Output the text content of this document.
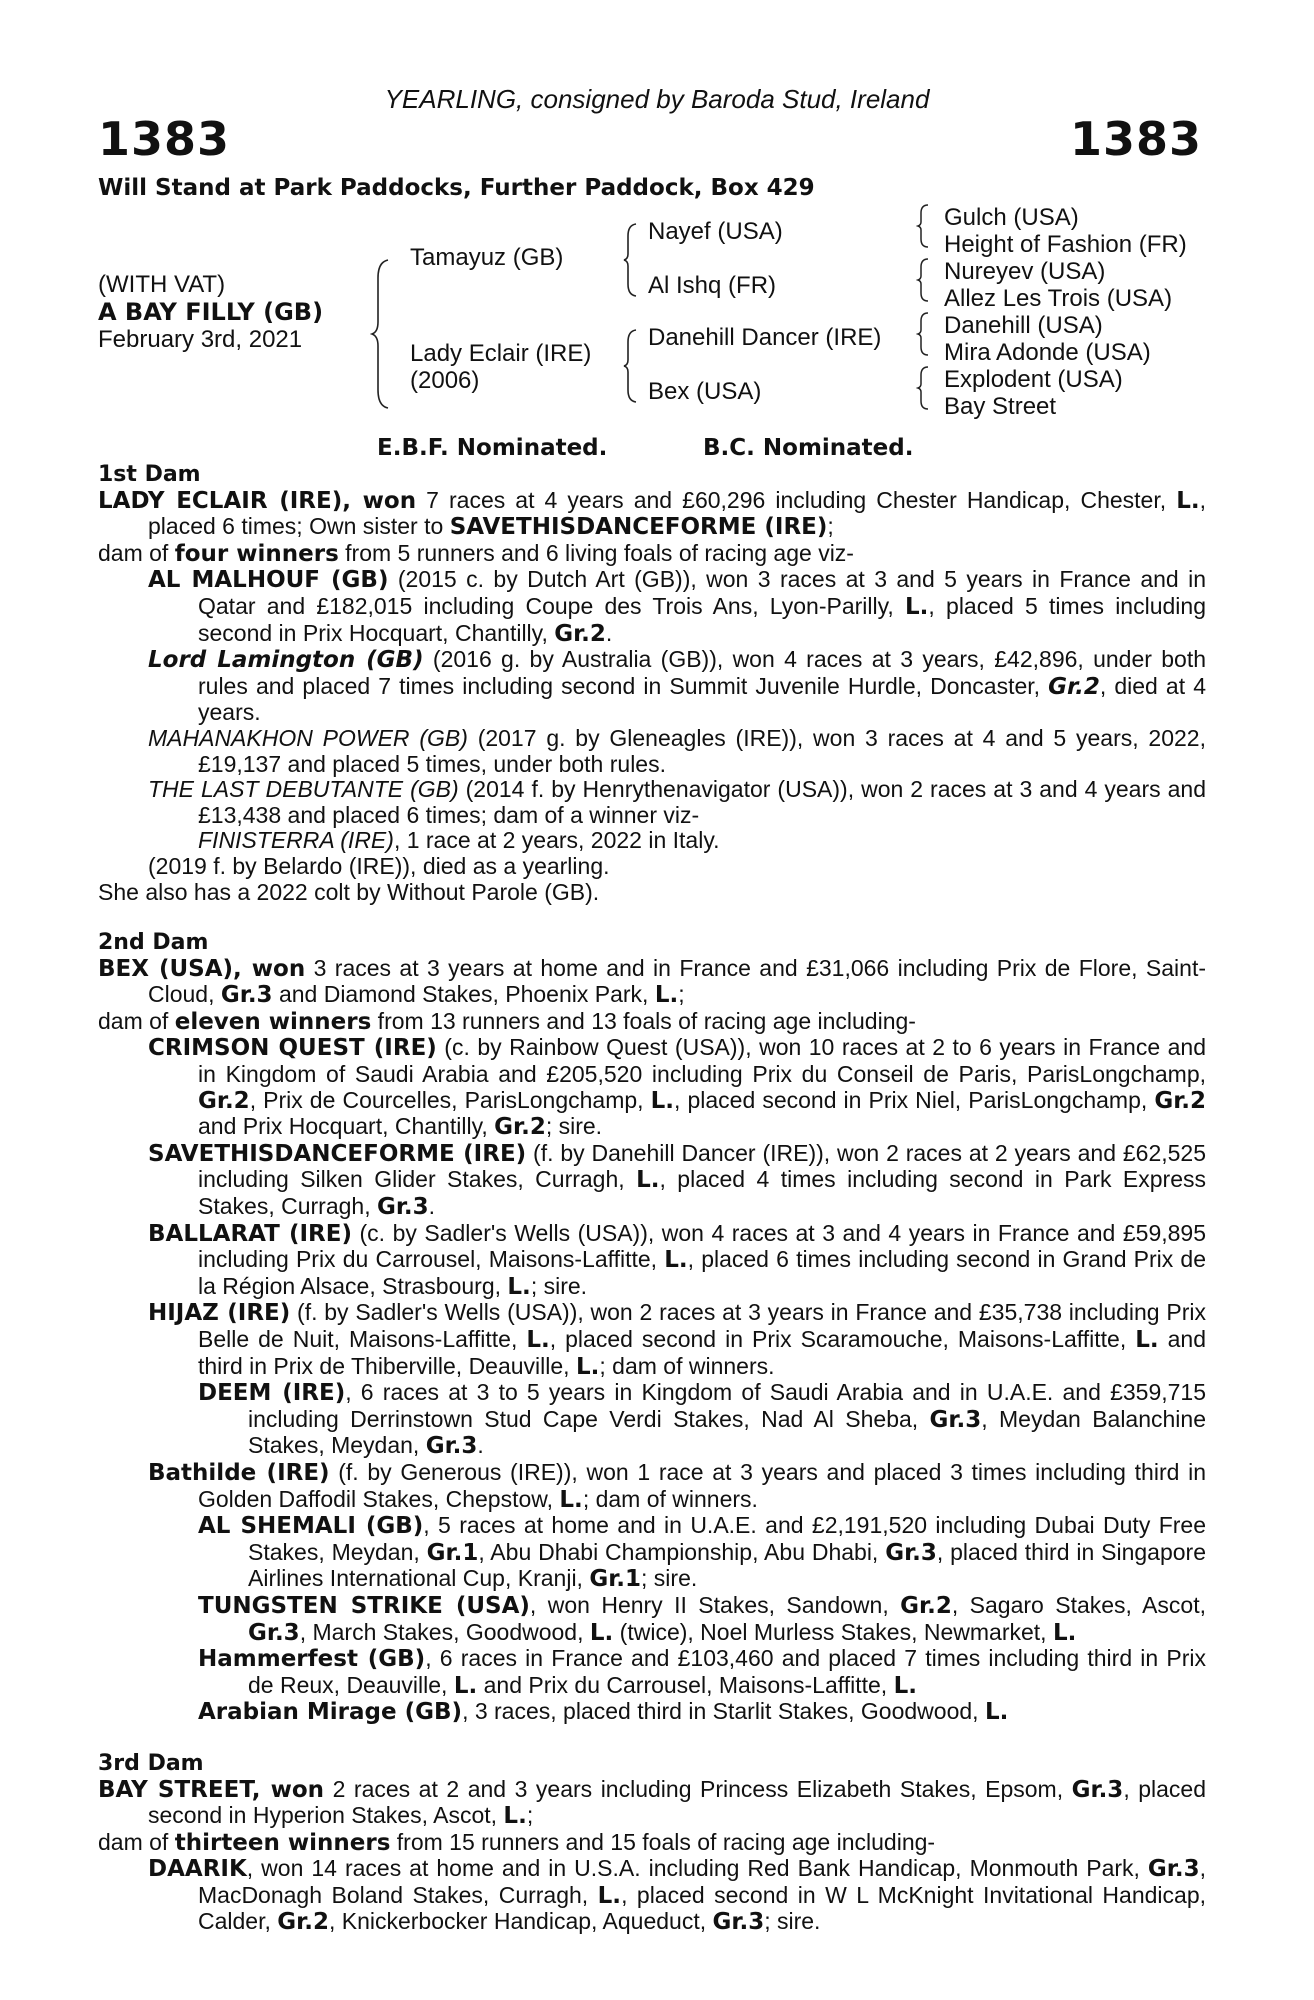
YEARLING, consigned by Baroda Stud, Ireland
1383	1383
Will Stand at Park Paddocks, Further Paddock, Box 429
(WITH VAT)
A BAY FILLY (GB)
February 3rd, 2021
Tamayuz (GB)
Lady Eclair (IRE)
(2006)
Nayef (USA)
Al Ishq (FR)
Danehill Dancer (IRE)
Bex (USA)
Gulch (USA)
Height of Fashion (FR)
Nureyev (USA)
Allez Les Trois (USA)
Danehill (USA)
Mira Adonde (USA)
Explodent (USA)
Bay Street
E.B.F. Nominated.	B.C. Nominated.

1st Dam

LADY ECLAIR (IRE), won 7 races at 4 years and £60,296 including Chester Handicap, Chester, L., placed 6 times; Own sister to SAVETHISDANCEFORME (IRE);

dam of four winners from 5 runners and 6 living foals of racing age viz-

AL MALHOUF (GB) (2015 c. by Dutch Art (GB)), won 3 races at 3 and 5 years in France and in Qatar and £182,015 including Coupe des Trois Ans, Lyon-Parilly, L., placed 5 times including second in Prix Hocquart, Chantilly, Gr.2.

Lord Lamington (GB) (2016 g. by Australia (GB)), won 4 races at 3 years, £42,896, under both rules and placed 7 times including second in Summit Juvenile Hurdle, Doncaster, Gr.2, died at 4 years.

MAHANAKHON POWER (GB) (2017 g. by Gleneagles (IRE)), won 3 races at 4 and 5 years, 2022, £19,137 and placed 5 times, under both rules.

THE LAST DEBUTANTE (GB) (2014 f. by Henrythenavigator (USA)), won 2 races at 3 and 4 years and £13,438 and placed 6 times; dam of a winner viz-

FINISTERRA (IRE), 1 race at 2 years, 2022 in Italy.

(2019 f. by Belardo (IRE)), died as a yearling.

She also has a 2022 colt by Without Parole (GB).

2nd Dam

BEX (USA), won 3 races at 3 years at home and in France and £31,066 including Prix de Flore, Saint-Cloud, Gr.3 and Diamond Stakes, Phoenix Park, L.;

dam of eleven winners from 13 runners and 13 foals of racing age including-

CRIMSON QUEST (IRE) (c. by Rainbow Quest (USA)), won 10 races at 2 to 6 years in France and in Kingdom of Saudi Arabia and £205,520 including Prix du Conseil de Paris, ParisLongchamp, Gr.2, Prix de Courcelles, ParisLongchamp, L., placed second in Prix Niel, ParisLongchamp, Gr.2 and Prix Hocquart, Chantilly, Gr.2; sire.

SAVETHISDANCEFORME (IRE) (f. by Danehill Dancer (IRE)), won 2 races at 2 years and £62,525 including Silken Glider Stakes, Curragh, L., placed 4 times including second in Park Express Stakes, Curragh, Gr.3.

BALLARAT (IRE) (c. by Sadler's Wells (USA)), won 4 races at 3 and 4 years in France and £59,895 including Prix du Carrousel, Maisons-Laffitte, L., placed 6 times including second in Grand Prix de la Région Alsace, Strasbourg, L.; sire.

HIJAZ (IRE) (f. by Sadler's Wells (USA)), won 2 races at 3 years in France and £35,738 including Prix Belle de Nuit, Maisons-Laffitte, L., placed second in Prix Scaramouche, Maisons-Laffitte, L. and third in Prix de Thiberville, Deauville, L.; dam of winners.

DEEM (IRE), 6 races at 3 to 5 years in Kingdom of Saudi Arabia and in U.A.E. and £359,715 including Derrinstown Stud Cape Verdi Stakes, Nad Al Sheba, Gr.3, Meydan Balanchine Stakes, Meydan, Gr.3.

Bathilde (IRE) (f. by Generous (IRE)), won 1 race at 3 years and placed 3 times including third in Golden Daffodil Stakes, Chepstow, L.; dam of winners.

AL SHEMALI (GB), 5 races at home and in U.A.E. and £2,191,520 including Dubai Duty Free Stakes, Meydan, Gr.1, Abu Dhabi Championship, Abu Dhabi, Gr.3, placed third in Singapore Airlines International Cup, Kranji, Gr.1; sire.

TUNGSTEN STRIKE (USA), won Henry II Stakes, Sandown, Gr.2, Sagaro Stakes, Ascot, Gr.3, March Stakes, Goodwood, L. (twice), Noel Murless Stakes, Newmarket, L.

Hammerfest (GB), 6 races in France and £103,460 and placed 7 times including third in Prix de Reux, Deauville, L. and Prix du Carrousel, Maisons-Laffitte, L.

Arabian Mirage (GB), 3 races, placed third in Starlit Stakes, Goodwood, L.

3rd Dam

BAY STREET, won 2 races at 2 and 3 years including Princess Elizabeth Stakes, Epsom, Gr.3, placed second in Hyperion Stakes, Ascot, L.;

dam of thirteen winners from 15 runners and 15 foals of racing age including-

DAARIK, won 14 races at home and in U.S.A. including Red Bank Handicap, Monmouth Park, Gr.3, MacDonagh Boland Stakes, Curragh, L., placed second in W L McKnight Invitational Handicap, Calder, Gr.2, Knickerbocker Handicap, Aqueduct, Gr.3; sire.
